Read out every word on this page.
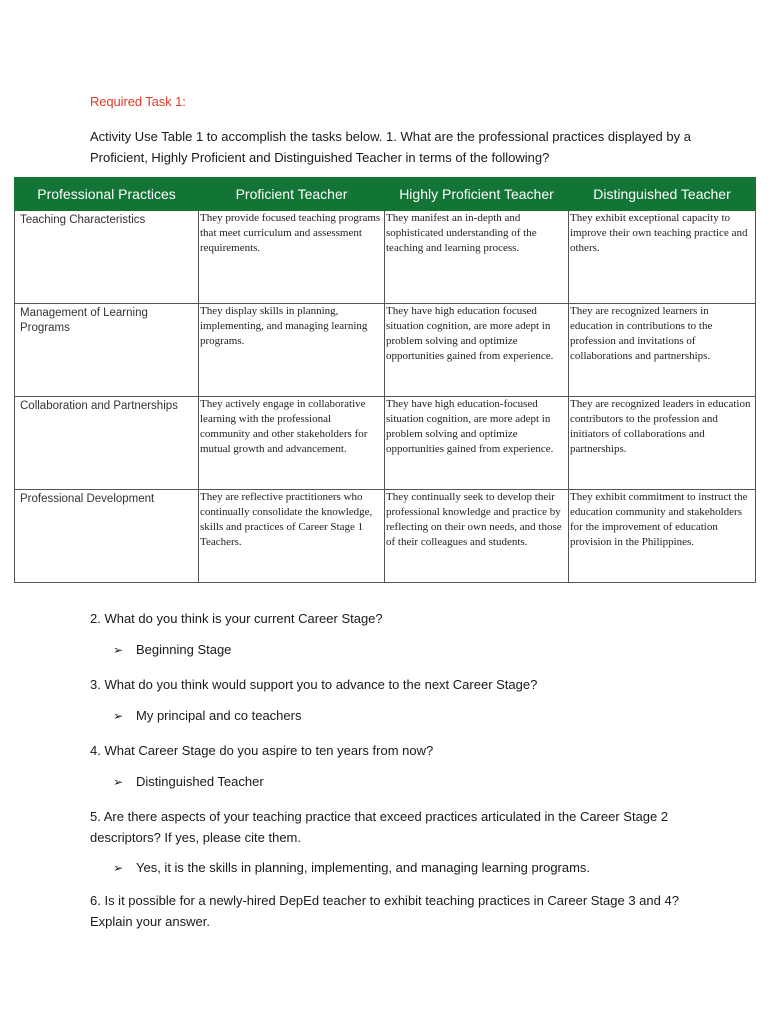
Required Task 1:
Activity Use Table 1 to accomplish the tasks below. 1. What are the professional practices displayed by a Proficient, Highly Proficient and Distinguished Teacher in terms of the following?
Professional Practices	Proficient Teacher	Highly Proficient Teacher	Distinguished Teacher
Teaching Characteristics	They provide focused teaching programs that meet curriculum and assessment requirements.	They manifest an in-depth and sophisticated understanding of the teaching and learning process.	They exhibit exceptional capacity to improve their own teaching practice and others.
Management of Learning Programs	They display skills in planning, implementing, and managing learning programs.	They have high education focused situation cognition, are more adept in problem solving and optimize opportunities gained from experience.	They are recognized learners in education in contributions to the profession and invitations of collaborations and partnerships.
Collaboration and Partnerships	They actively engage in collaborative learning with the professional community and other stakeholders for mutual growth and advancement.	They have high education-focused situation cognition, are more adept in problem solving and optimize opportunities gained from experience.	They are recognized leaders in education contributors to the profession and initiators of collaborations and partnerships.
Professional Development	They are reflective practitioners who continually consolidate the knowledge, skills and practices of Career Stage 1 Teachers.	They continually seek to develop their professional knowledge and practice by reflecting on their own needs, and those of their colleagues and students.	They exhibit commitment to instruct the education community and stakeholders for the improvement of education provision in the Philippines.
2. What do you think is your current Career Stage?
➢ Beginning Stage
3. What do you think would support you to advance to the next Career Stage?
➢ My principal and co teachers
4. What Career Stage do you aspire to ten years from now?
➢ Distinguished Teacher
5. Are there aspects of your teaching practice that exceed practices articulated in the Career Stage 2 descriptors? If yes, please cite them.
➢ Yes, it is the skills in planning, implementing, and managing learning programs.
6. Is it possible for a newly-hired DepEd teacher to exhibit teaching practices in Career Stage 3 and 4? Explain your answer.
